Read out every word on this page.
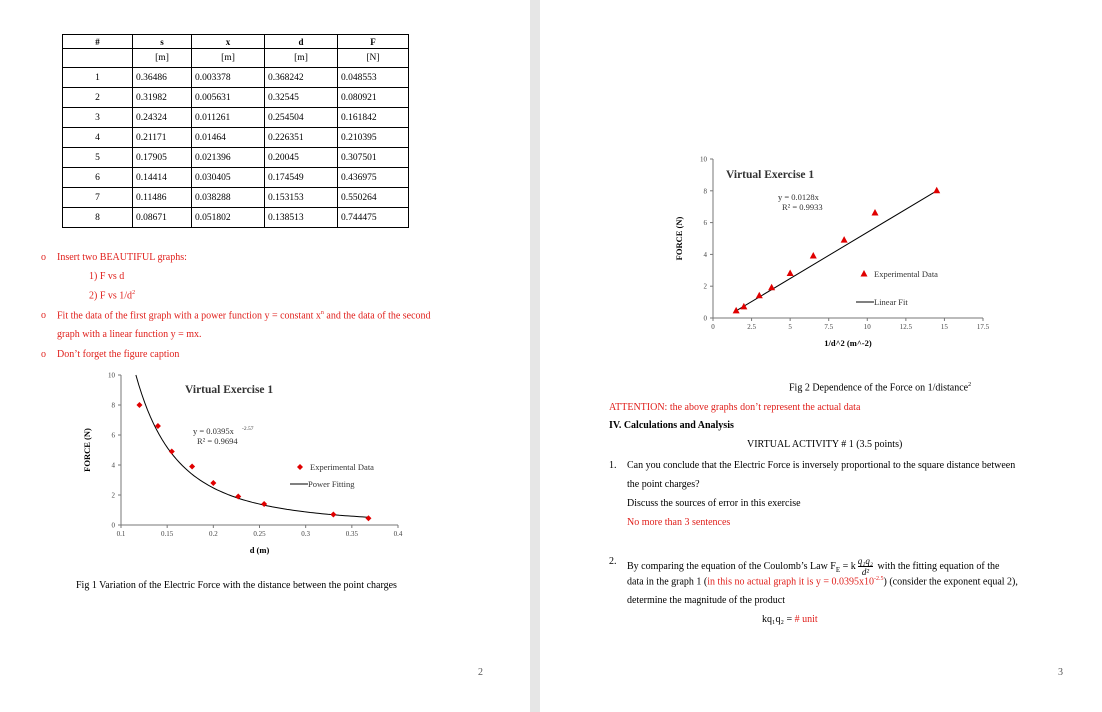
#	s	x	d	F
	[m]	[m]	[m]	[N]
1	0.36486	0.003378	0.368242	0.048553
2	0.31982	0.005631	0.32545	0.080921
3	0.24324	0.011261	0.254504	0.161842
4	0.21171	0.01464	0.226351	0.210395
5	0.17905	0.021396	0.20045	0.307501
6	0.14414	0.030405	0.174549	0.436975
7	0.11486	0.038288	0.153153	0.550264
8	0.08671	0.051802	0.138513	0.744475
o Insert two BEAUTIFUL graphs:
1) F vs d
2) F vs $1/d^2$
o Fit the data of the first graph with a power function y = constant $x^n$ and the data of the second
graph with a linear function y = mx.
o Don’t forget the figure caption
0.1	0.15	0.2	0.25	0.3	0.35	0.4
0
2
4
6
8
10
d (m)
FORCE (N)
Virtual Exercise 1
y = 0.0395x -2.57
R² = 0.9694
Experimental Data
Power Fitting
Fig 1 Variation of the Electric Force with the distance between the point charges
2
0	2.5	5	7.5	10	12.5	15	17.5
0
2
4
6
8
10
1/d^2 (m^-2)
FORCE (N)
Virtual Exercise 1
y = 0.0128x
R² = 0.9933
Experimental Data
Linear Fit
Fig 2 Dependence of the Force on 1/distance$^2$
ATTENTION: the above graphs don’t represent the actual data
IV. Calculations and Analysis
VIRTUAL ACTIVITY # 1 (3.5 points)
1. Can you conclude that the Electric Force is inversely proportional to the square distance between
the point charges?
Discuss the sources of error in this exercise
No more than 3 sentences
2. By comparing the equation of the Coulomb’s Law $F_E = k \frac{\text{q₁q₂}}{\text{d²}}$ with the fitting equation of the
data in the graph 1 (in this no actual graph it is $y = 0.0395x10^{-2.5}$) (consider the exponent equal 2),
determine the magnitude of the product
kq₁q₂ = # unit
3
